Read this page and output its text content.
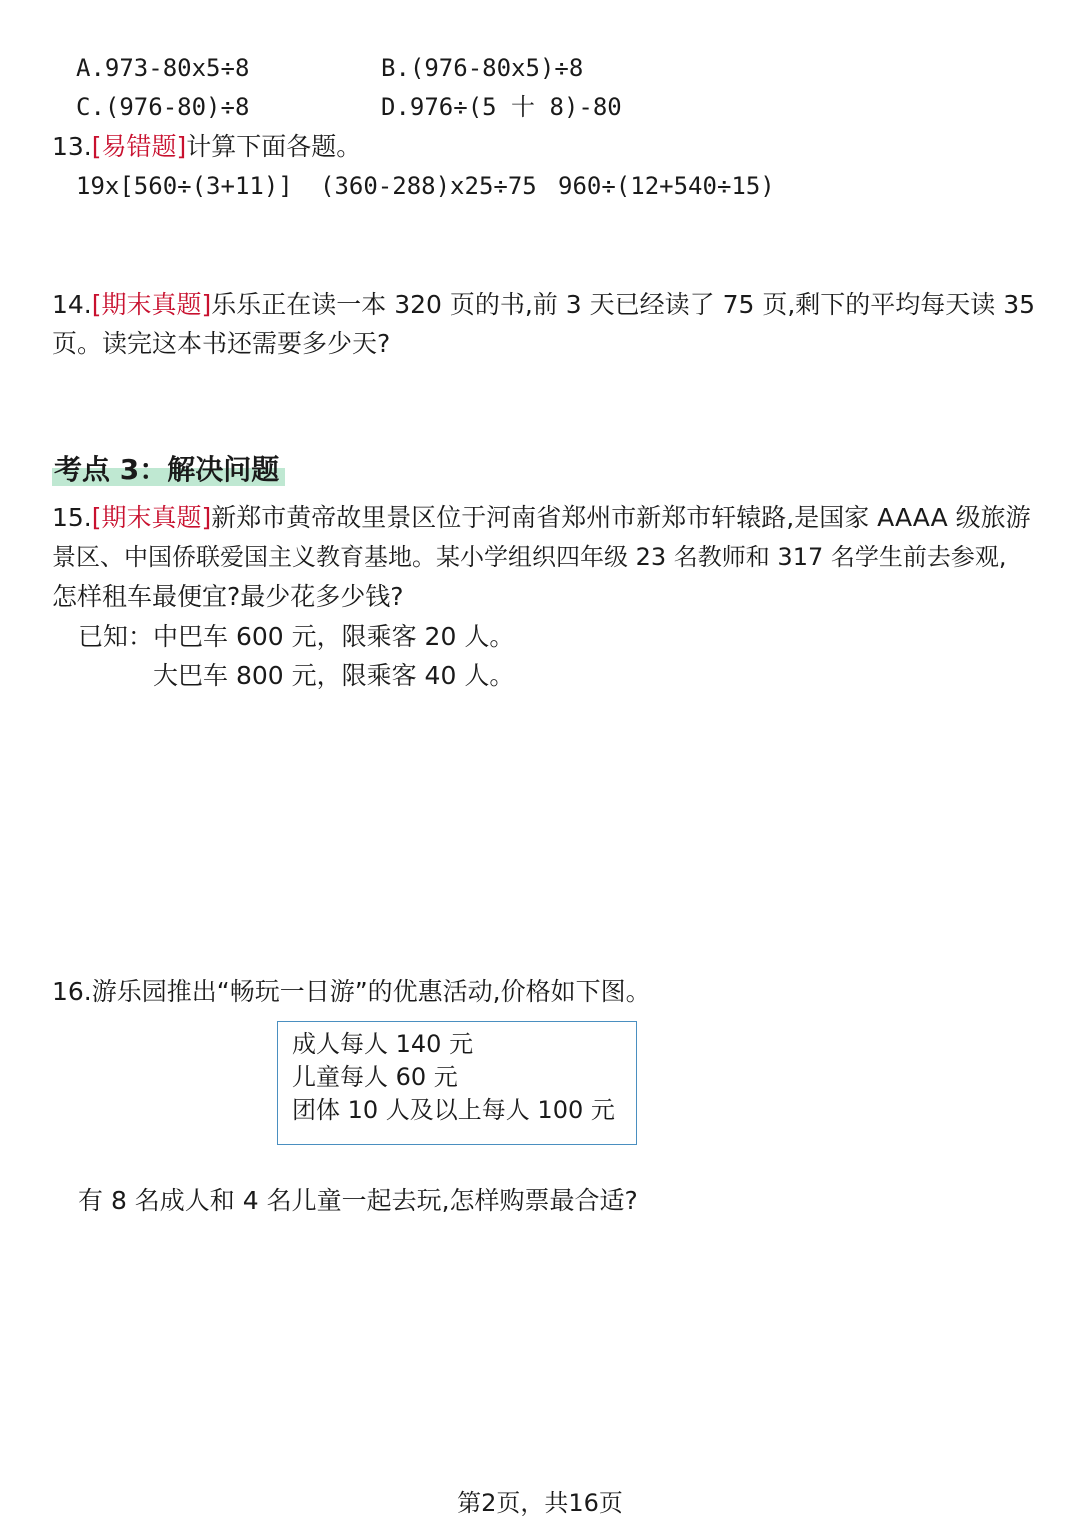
A.973-80x5÷8	B.(976-80x5)÷8
C.(976-80)÷8	D.976÷(5 十 8)-80
13.[易错题]计算下面各题。
19x[560÷(3+11)] (360-288)x25÷75 960÷(12+540÷15)
14.[期末真题]乐乐正在读一本 320 页的书,前 3 天已经读了 75 页,剩下的平均每天读 35
页。读完这本书还需要多少天?
考点 3：解决问题
15.[期末真题]新郑市黄帝故里景区位于河南省郑州市新郑市轩辕路,是国家 AAAA 级旅游
景区、中国侨联爱国主义教育基地。某小学组织四年级 23 名教师和 317 名学生前去参观,
怎样租车最便宜?最少花多少钱?
已知：中巴车 600 元，限乘客 20 人。
大巴车 800 元，限乘客 40 人。
16.游乐园推出“畅玩一日游”的优惠活动,价格如下图。
成人每人 140 元
儿童每人 60 元
团体 10 人及以上每人 100 元
有 8 名成人和 4 名儿童一起去玩,怎样购票最合适?
第2页，共16页
